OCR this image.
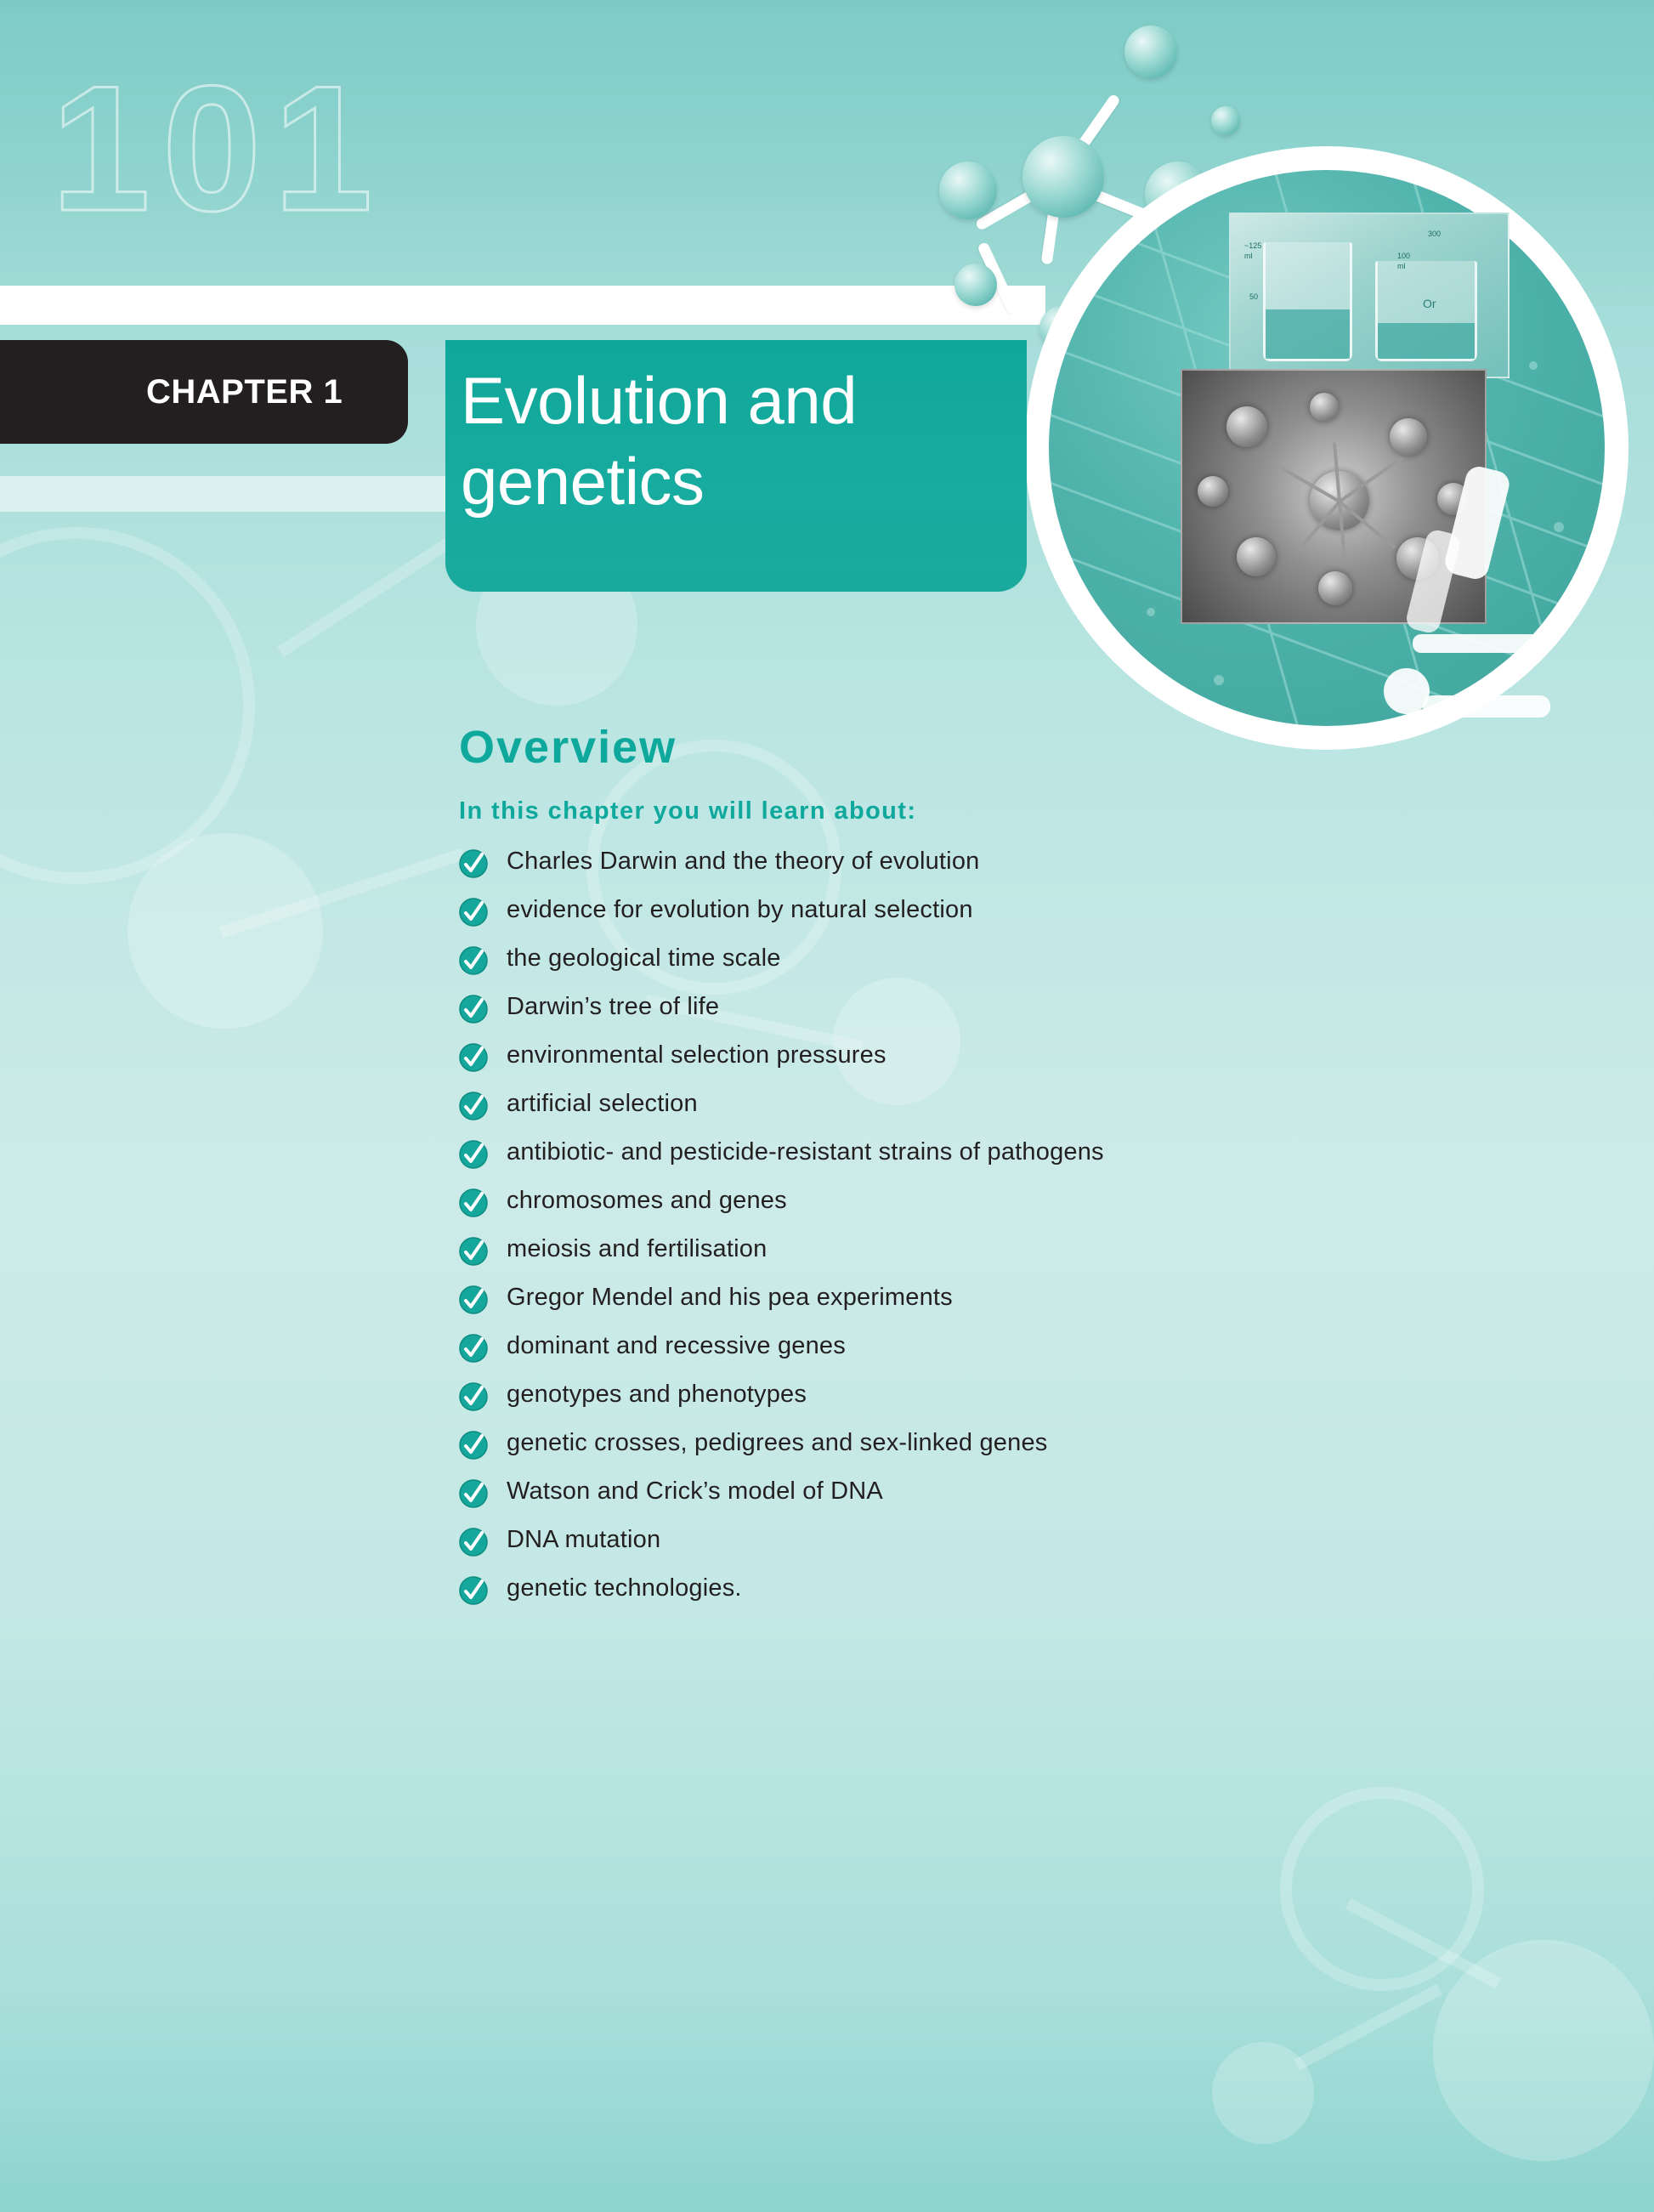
101	~125
ml
50
100
ml
300
Or
CHAPTER 1 Evolution and
genetics
Overview
In this chapter you will learn about:
Charles Darwin and the theory of evolution
evidence for evolution by natural selection
the geological time scale
Darwin’s tree of life
environmental selection pressures
artificial selection
antibiotic- and pesticide-resistant strains of pathogens
chromosomes and genes
meiosis and fertilisation
Gregor Mendel and his pea experiments
dominant and recessive genes
genotypes and phenotypes
genetic crosses, pedigrees and sex-linked genes
Watson and Crick’s model of DNA
DNA mutation
genetic technologies.
